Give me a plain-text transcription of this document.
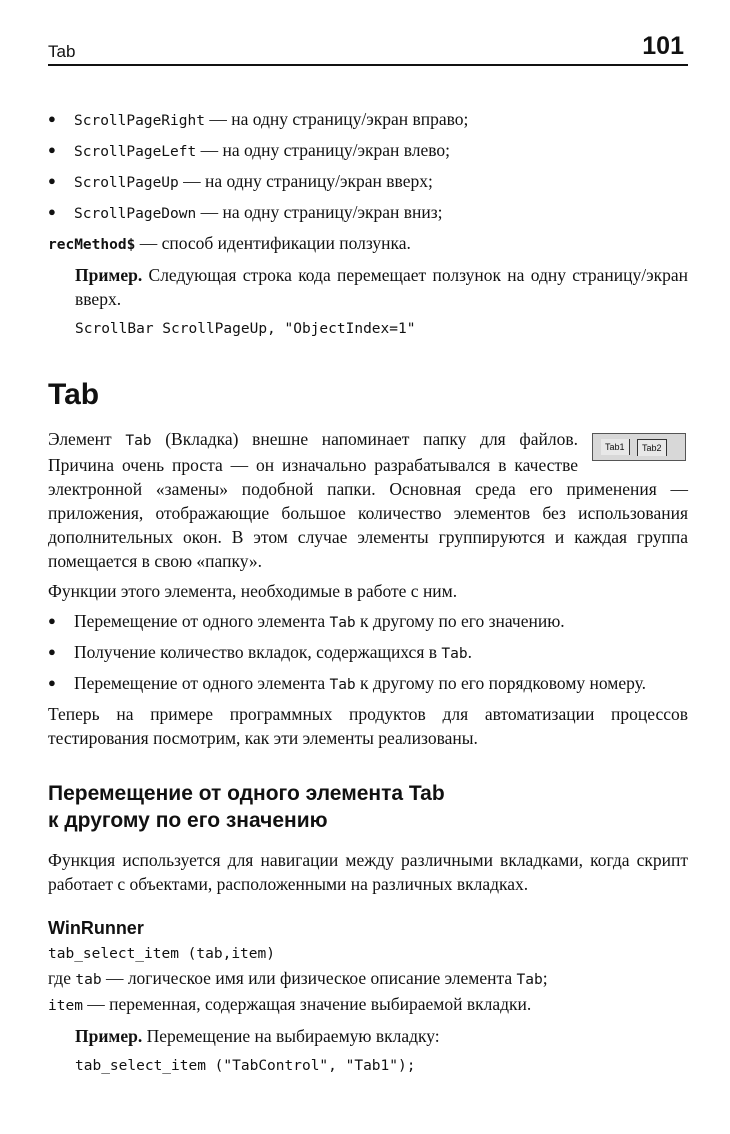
Tab	101
● ScrollPageRight — на одну страницу/экран вправо;
● ScrollPageLeft — на одну страницу/экран влево;
● ScrollPageUp — на одну страницу/экран вверх;
● ScrollPageDown — на одну страницу/экран вниз;

recMethod$ — способ идентификации ползунка.

Пример. Следующая строка кода перемещает ползунок на одну страницу/экран вверх.

ScrollBar ScrollPageUp, "ObjectIndex=1"
Tab
Tab1	Tab2

Элемент Tab (Вкладка) внешне напоминает папку для файлов. Причина очень проста — он изначально разрабатывался в качестве электронной «замены» подобной папки. Основная среда его применения — приложения, отображающие большое количество элементов без использования дополнительных окон. В этом случае элементы группируются и каждая группа помещается в свою «папку».

Функции этого элемента, необходимые в работе с ним.

● Перемещение от одного элемента Tab к другому по его значению.
● Получение количество вкладок, содержащихся в Tab.
● Перемещение от одного элемента Tab к другому по его порядковому номеру.

Теперь на примере программных продуктов для автоматизации процессов тестирования посмотрим, как эти элементы реализованы.

Перемещение от одного элемента Tab
к другому по его значению

Функция используется для навигации между различными вкладками, когда скрипт работает с объектами, расположенными на различных вкладках.

WinRunner
tab_select_item (tab,item)

где tab — логическое имя или физическое описание элемента Tab;

item — переменная, содержащая значение выбираемой вкладки.

Пример. Перемещение на выбираемую вкладку:

tab_select_item ("TabControl", "Tab1");
